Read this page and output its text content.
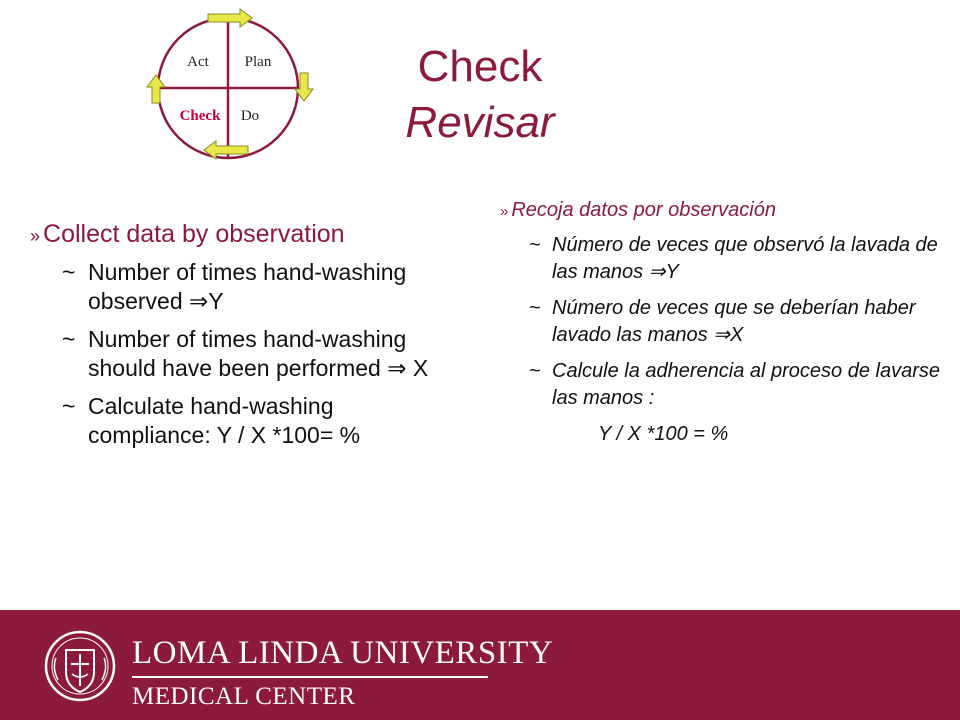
Act Plan
Check Do
Check
Revisar
» Collect data by observation
~ Number of times hand-washing observed ⇒Y
~ Number of times hand-washing should have been performed ⇒ X
~ Calculate hand-washing compliance: Y / X *100= %
» Recoja datos por observación
~ Número de veces que observó la lavada de las manos ⇒Y
~ Número de veces que se deberían haber lavado las manos ⇒X
~ Calcule la adherencia al proceso de lavarse las manos :
Y / X *100 = %
LOMA LINDA UNIVERSITY
MEDICAL CENTER
